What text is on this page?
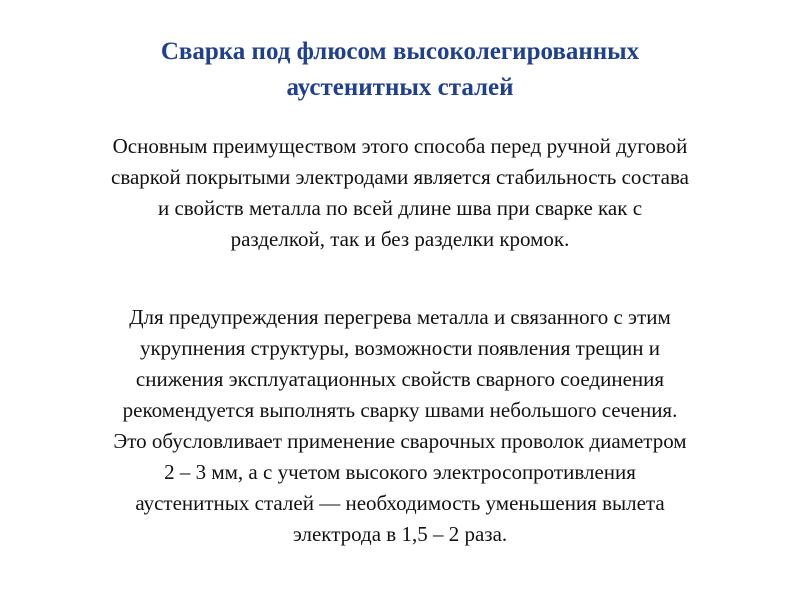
Сварка под флюсом высоколегированных
аустенитных сталей

Основным преимуществом этого способа перед ручной дуговой
сваркой покрытыми электродами является стабильность состава
и свойств металла по всей длине шва при сварке как с
разделкой, так и без разделки кромок.

Для предупреждения перегрева металла и связанного с этим
укрупнения структуры, возможности появления трещин и
снижения эксплуатационных свойств сварного соединения
рекомендуется выполнять сварку швами небольшого сечения.
Это обусловливает применение сварочных проволок диаметром
2 – 3 мм, а с учетом высокого электросопротивления
аустенитных сталей — необходимость уменьшения вылета
электрода в 1,5 – 2 раза.
